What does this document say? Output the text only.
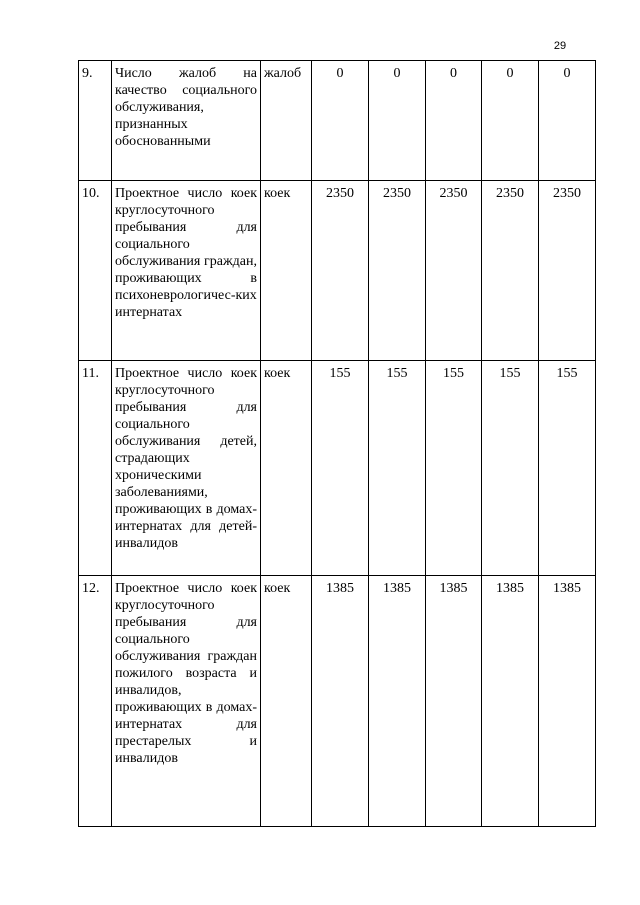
29
9.	Число жалоб на качество социального обслуживания, признанных обоснованными	жалоб	0	0	0	0	0
10.	Проектное число коек круглосуточного пребывания для социального обслуживания граждан, проживающих в психоневрологичес-ких интернатах	коек	2350	2350	2350	2350	2350
11.	Проектное число коек круглосуточного пребывания для социального обслуживания детей, страдающих хроническими заболеваниями, проживающих в домах-интернатах для детей-инвалидов	коек	155	155	155	155	155
12.	Проектное число коек круглосуточного пребывания для социального обслуживания граждан пожилого возраста и инвалидов, проживающих в домах-интернатах для престарелых и инвалидов	коек	1385	1385	1385	1385	1385
